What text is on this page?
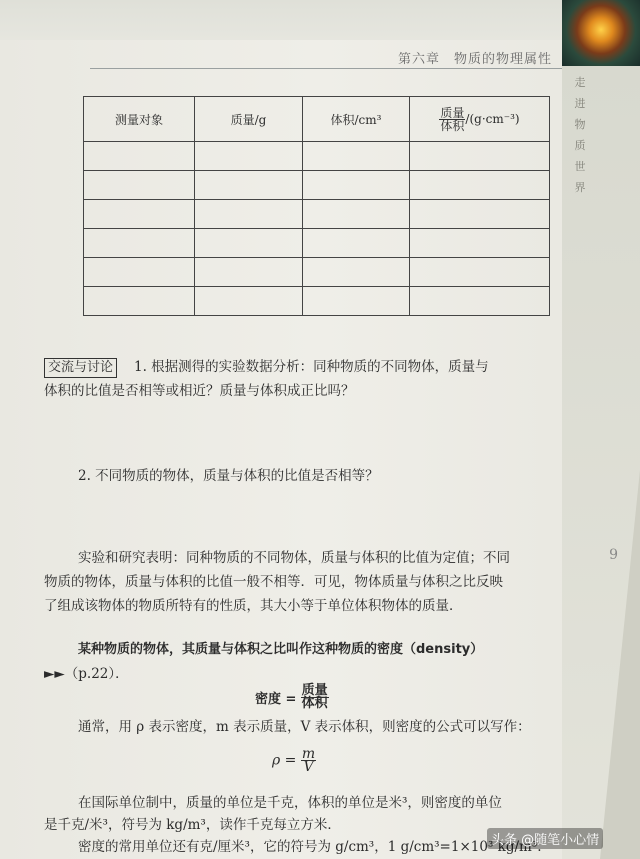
第六章　物质的物理属性
走
进
物
质
世
界
9
测量对象	质量/g	体积/cm³	$\frac{\text{质量}}{\text{体积}} /(g\cdot cm^{-3})$

交流与讨论 1. 根据测得的实验数据分析：同种物质的不同物体，质量与
体积的比值是否相等或相近？质量与体积成正比吗？
2. 不同物质的物体，质量与体积的比值是否相等？
实验和研究表明：同种物质的不同物体，质量与体积的比值为定值；不同
物质的物体，质量与体积的比值一般不相等．可见，物体质量与体积之比反映
了组成该物体的物质所特有的性质，其大小等于单位体积物体的质量．
某种物质的物体，其质量与体积之比叫作这种物质的密度（density）
►►（p.22）．
密度 = $\frac{\text{质量}}{\text{体积}}$
通常，用 ρ 表示密度，m 表示质量，V 表示体积，则密度的公式可以写作：
$\rho = \frac{m}{V}$
在国际单位制中，质量的单位是千克，体积的单位是米³，则密度的单位
是千克/米³，符号为 kg/m³，读作千克每立方米．
密度的常用单位还有克/厘米³，它的符号为 g/cm³，1 g/cm³=1×10³ kg/m³.
头条 @随笔小心情
